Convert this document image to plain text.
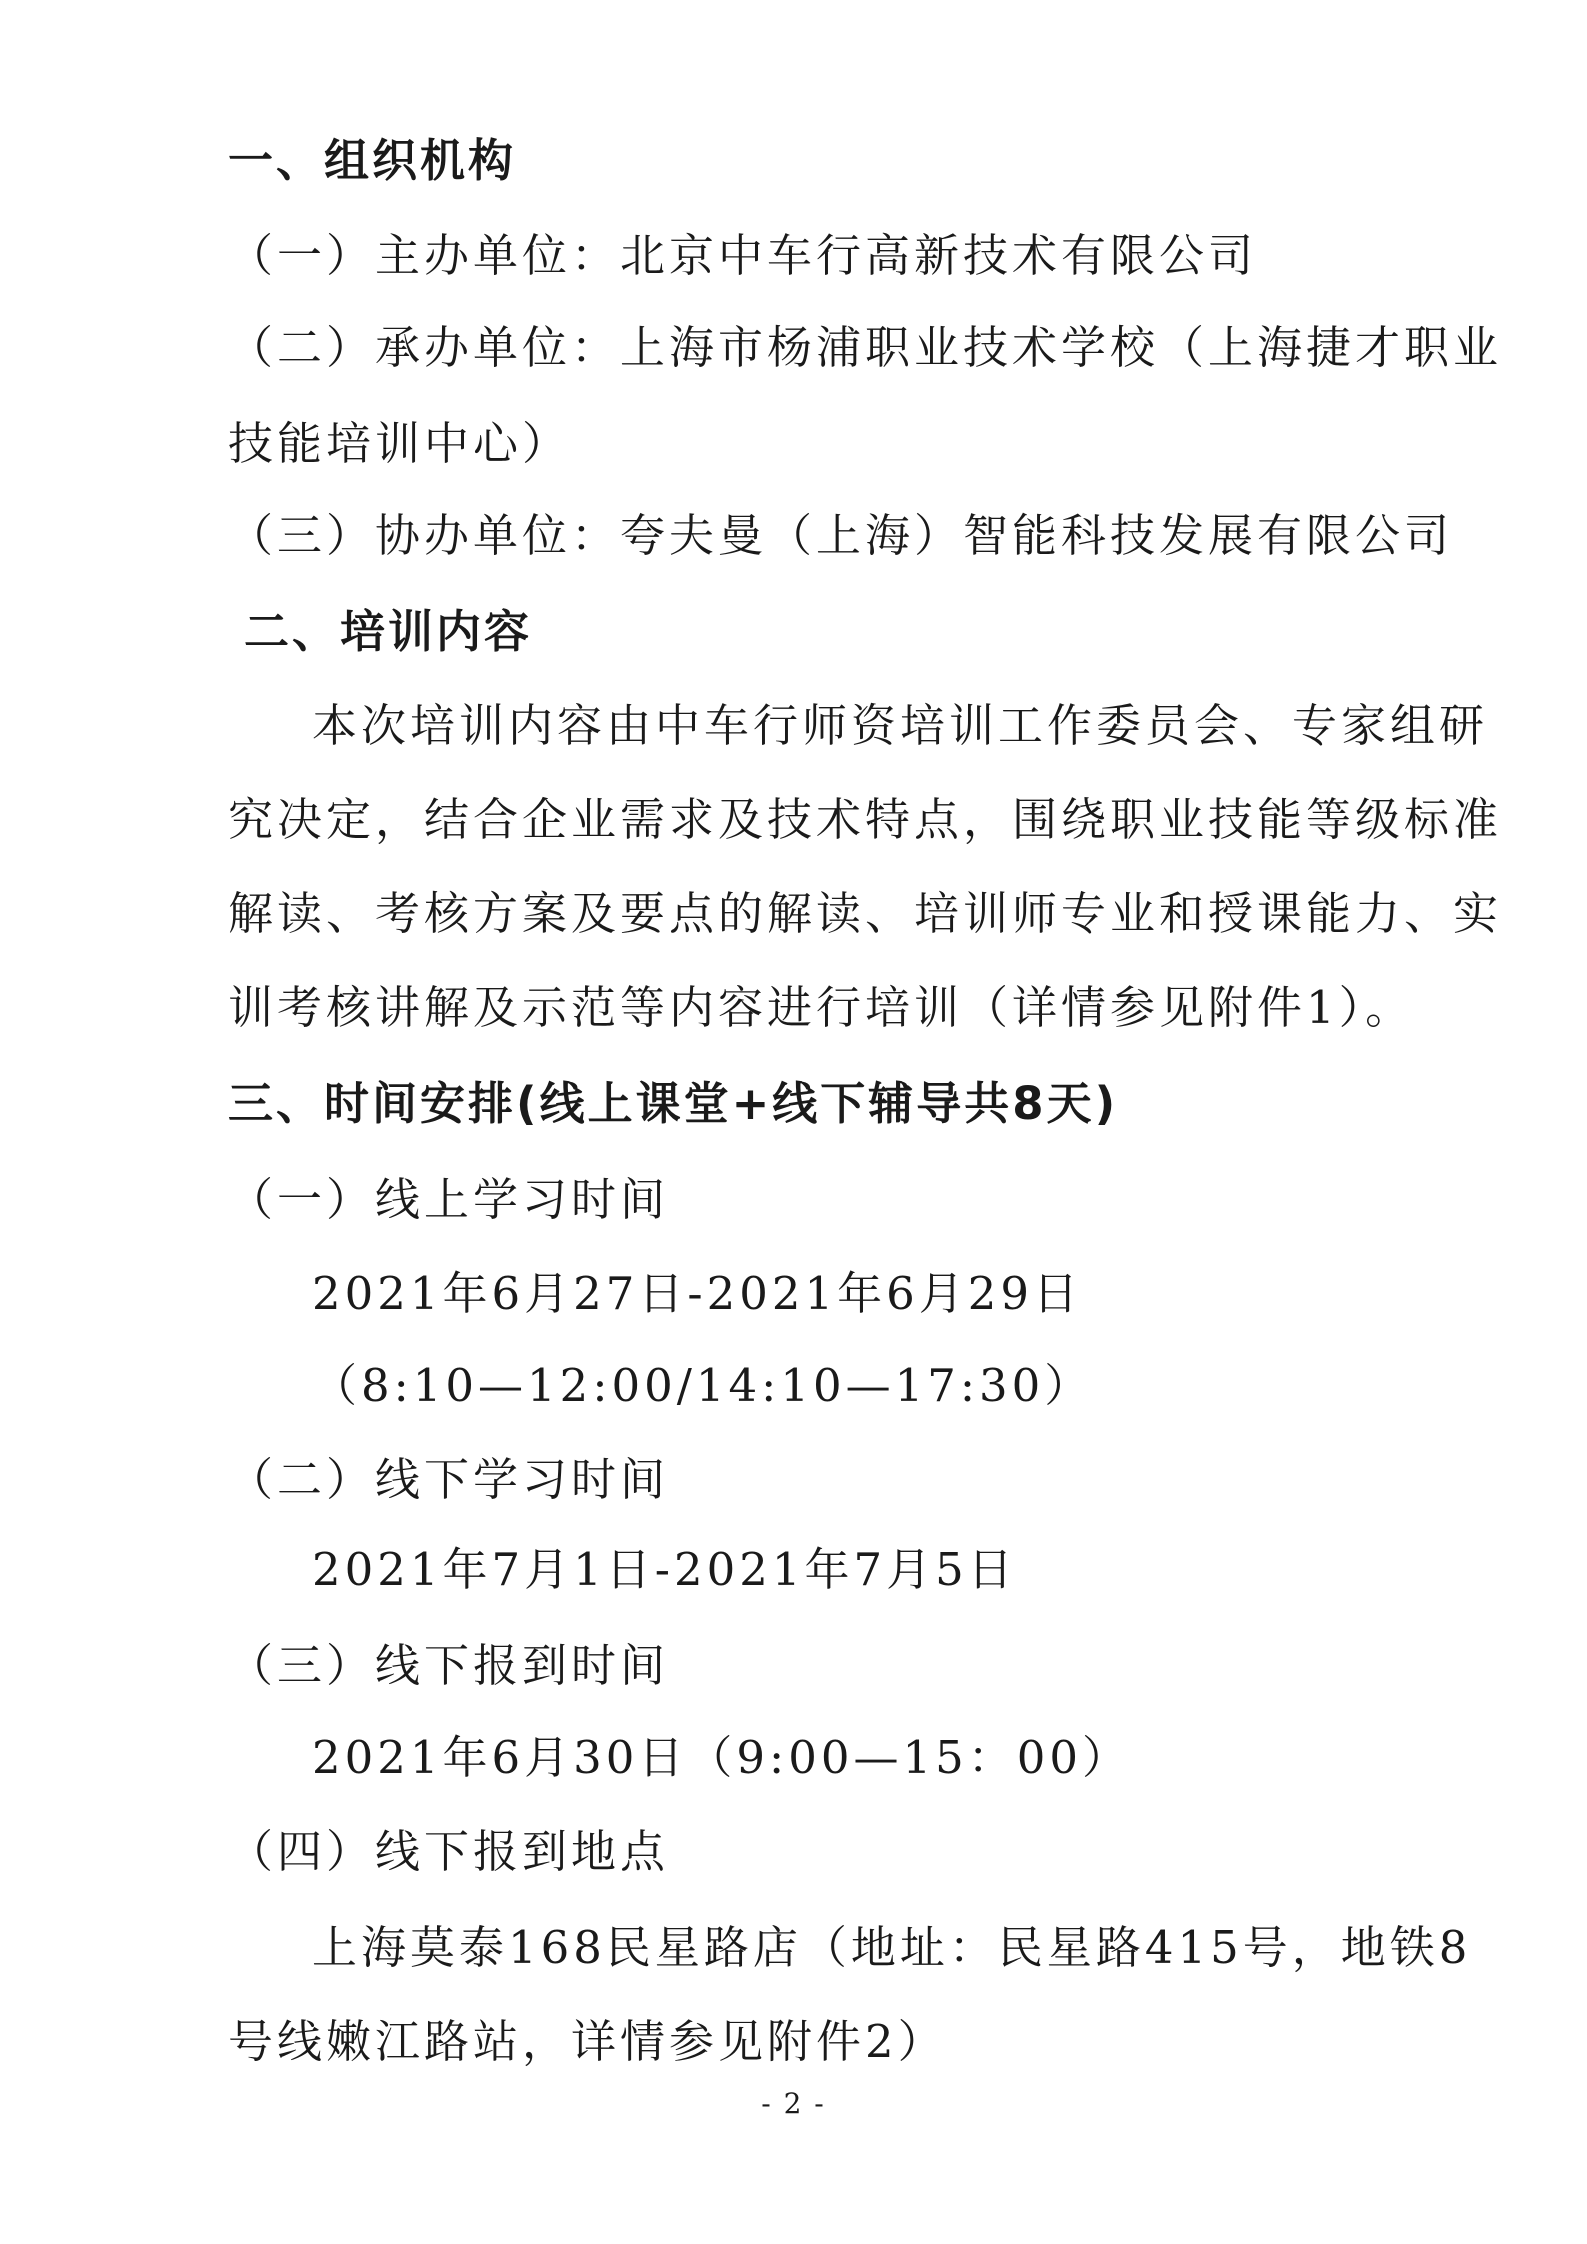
一、组织机构
（一）主办单位：北京中车行高新技术有限公司
（二）承办单位：上海市杨浦职业技术学校（上海捷才职业
技能培训中心）
（三）协办单位：夸夫曼（上海）智能科技发展有限公司
二、培训内容
本次培训内容由中车行师资培训工作委员会、专家组研
究决定，结合企业需求及技术特点，围绕职业技能等级标准
解读、考核方案及要点的解读、培训师专业和授课能力、实
训考核讲解及示范等内容进行培训（详情参见附件1）。
三、时间安排(线上课堂+线下辅导共8天)
（一）线上学习时间
2021年6月27日-2021年6月29日
（8:10—12:00/14:10—17:30）
（二）线下学习时间
2021年7月1日-2021年7月5日
（三）线下报到时间
2021年6月30日（9:00—15：00）
（四）线下报到地点
上海莫泰168民星路店（地址：民星路415号，地铁8
号线嫩江路站，详情参见附件2）
- 2 -
